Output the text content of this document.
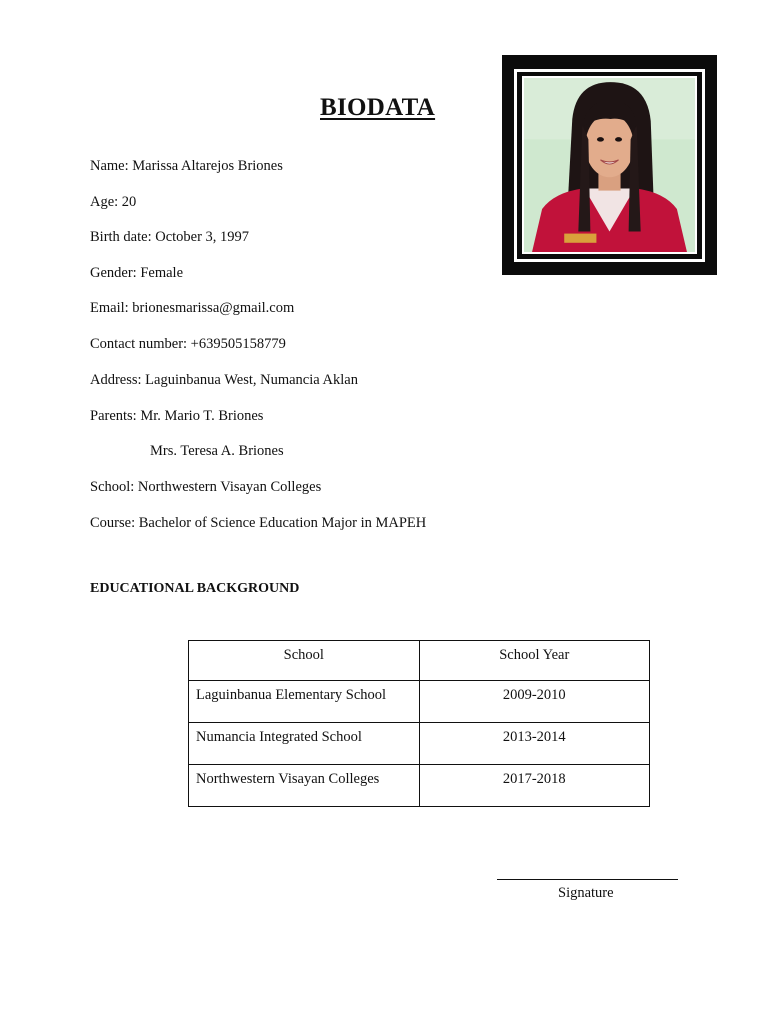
BIODATA
Name: Marissa Altarejos Briones
Age: 20
Birth date: October 3, 1997
Gender: Female
Email: brionesmarissa@gmail.com
Contact number: +639505158779
Address: Laguinbanua West, Numancia Aklan
Parents: Mr. Mario T. Briones
Mrs. Teresa A. Briones
School: Northwestern Visayan Colleges
Course: Bachelor of Science Education Major in MAPEH
EDUCATIONAL BACKGROUND
School	School Year
Laguinbanua Elementary School	2009-2010
Numancia Integrated School	2013-2014
Northwestern Visayan Colleges	2017-2018
Signature
